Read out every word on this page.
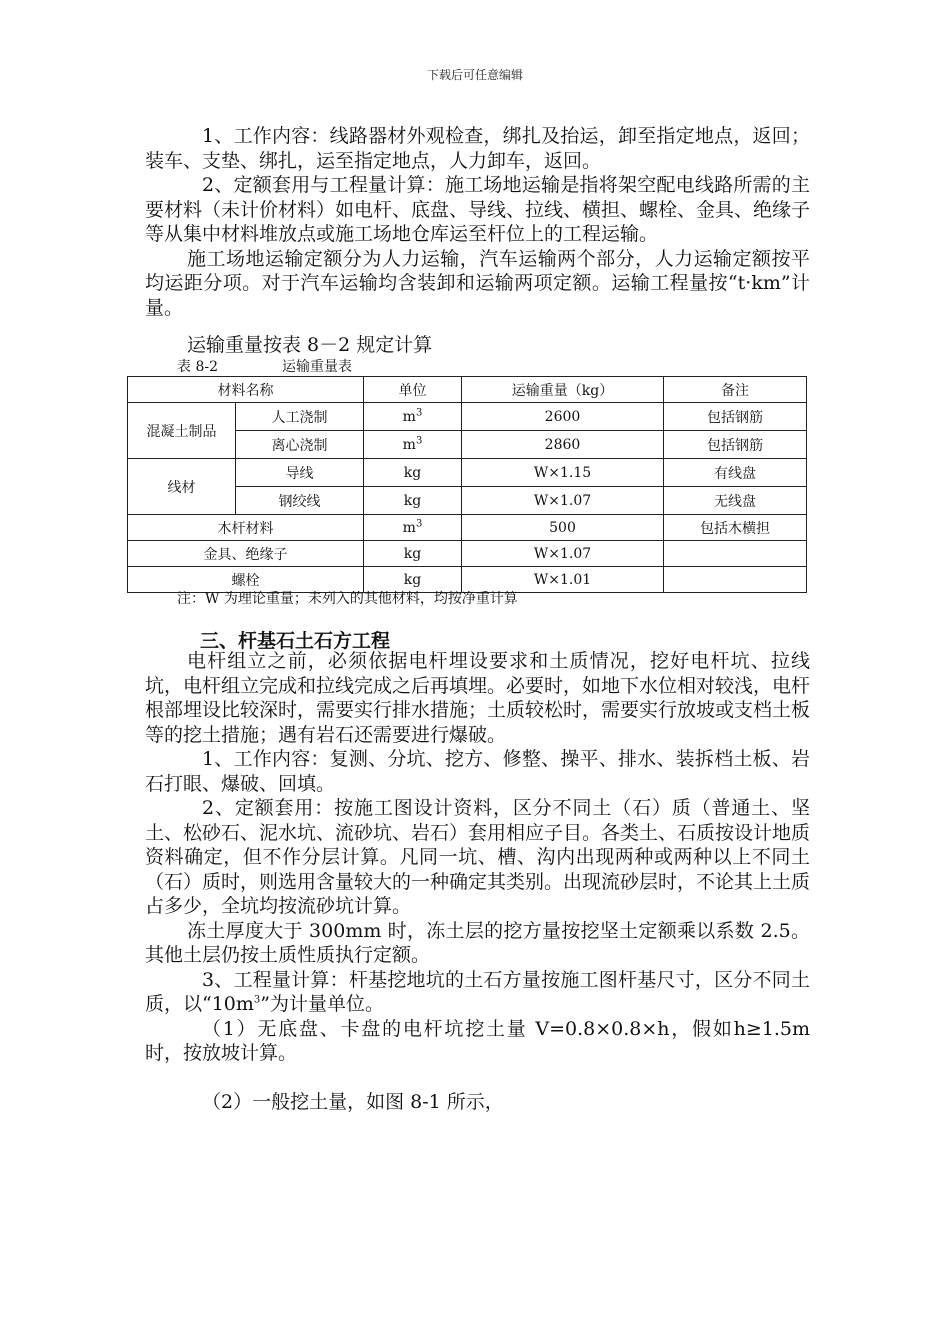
下载后可任意编辑

1、工作内容：线路器材外观检查，绑扎及抬运，卸至指定地点，返回；装车、支垫、绑扎，运至指定地点，人力卸车，返回。

2、定额套用与工程量计算：施工场地运输是指将架空配电线路所需的主要材料（未计价材料）如电杆、底盘、导线、拉线、横担、螺栓、金具、绝缘子等从集中材料堆放点或施工场地仓库运至杆位上的工程运输。

施工场地运输定额分为人力运输，汽车运输两个部分，人力运输定额按平均运距分项。对于汽车运输均含装卸和运输两项定额。运输工程量按“t·km”计量。

运输重量按表 8－2 规定计算
表 8-2	运输重量表
材料名称		单位	运输重量（kg）	备注
混凝土制品	人工浇制	$m^3$	2600	包括钢筋
	离心浇制	$m^3$	2860	包括钢筋
线材	导线	kg	W×1.15	有线盘
	钢绞线	kg	W×1.07	无线盘
木杆材料		$m^3$	500	包括木横担
金具、绝缘子		kg	W×1.07	
螺栓		kg	W×1.01	
注：W 为理论重量；未列入的其他材料，均按净重计算
三、杆基石土石方工程

电杆组立之前，必须依据电杆埋设要求和土质情况，挖好电杆坑、拉线坑，电杆组立完成和拉线完成之后再填埋。必要时，如地下水位相对较浅，电杆根部埋设比较深时，需要实行排水措施；土质较松时，需要实行放坡或支档土板等的挖土措施；遇有岩石还需要进行爆破。

1、工作内容：复测、分坑、挖方、修整、操平、排水、装拆档土板、岩石打眼、爆破、回填。

2、定额套用：按施工图设计资料，区分不同土（石）质（普通土、坚土、松砂石、泥水坑、流砂坑、岩石）套用相应子目。各类土、石质按设计地质资料确定，但不作分层计算。凡同一坑、槽、沟内出现两种或两种以上不同土（石）质时，则选用含量较大的一种确定其类别。出现流砂层时，不论其上土质占多少，全坑均按流砂坑计算。

冻土厚度大于 300mm 时，冻土层的挖方量按挖坚土定额乘以系数 2.5。其他土层仍按土质性质执行定额。

3、工程量计算：杆基挖地坑的土石方量按施工图杆基尺寸，区分不同土质，以“$10m^3$”为计量单位。

（1）无底盘、卡盘的电杆坑挖土量 V=0.8×0.8×h，假如h≥1.5m时，按放坡计算。

（2）一般挖土量，如图 8-1 所示，
